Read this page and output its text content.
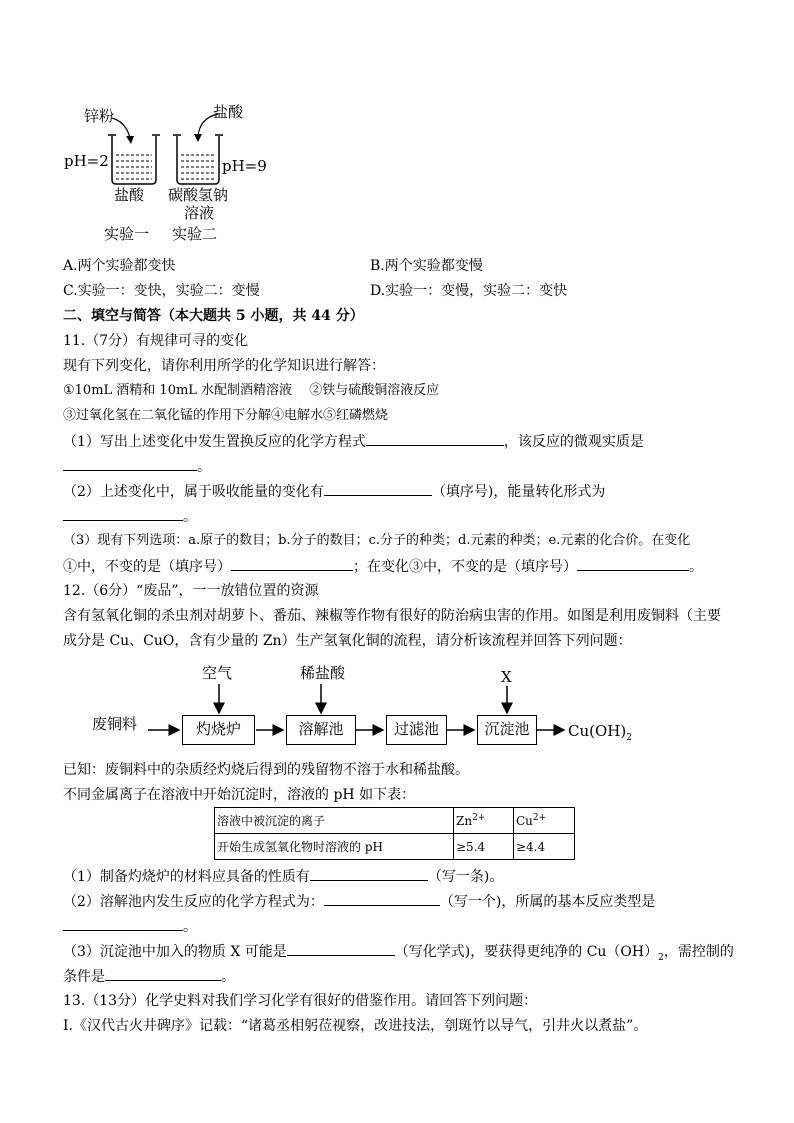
锌粉	盐酸
pH=2	pH=9
盐酸 碳酸氢钠
溶液
实验一 实验二
A.两个实验都变快	B.两个实验都变慢
C.实验一：变快，实验二：变慢	D.实验一：变慢，实验二：变快
二、填空与简答（本大题共 5 小题，共 44 分）
11.（7分）有规律可寻的变化
现有下列变化，请你利用所学的化学知识进行解答：
①10mL 酒精和 10mL 水配制酒精溶液　 ②铁与硫酸铜溶液反应
③过氧化氢在二氧化锰的作用下分解④电解水⑤红磷燃烧
（1）写出上述变化中发生置换反应的化学方程式	，该反应的微观实质是
。
（2）上述变化中，属于吸收能量的变化有	（填序号)，能量转化形式为
。
（3）现有下列选项：a.原子的数目；b.分子的数目；c.分子的种类；d.元素的种类；e.元素的化合价。在变化
①中，不变的是（填序号）	；在变化③中，不变的是（填序号）	。
12.（6分）“废品”，一一放错位置的资源
含有氢氧化铜的杀虫剂对胡萝卜、番茄、辣椒等作物有很好的防治病虫害的作用。如图是利用废铜料（主要
成分是 Cu、CuO，含有少量的 Zn）生产氢氧化铜的流程，请分析该流程并回答下列问题：
空气	稀盐酸	X
废铜料	灼烧炉	溶解池	过滤池	沉淀池	$Cu(OH)_2$
已知：废铜料中的杂质经灼烧后得到的残留物不溶于水和稀盐酸。
不同金属离子在溶液中开始沉淀时，溶液的 pH 如下表：
溶液中被沉淀的离子	$Zn^{2+}$	$Cu^{2+}$
开始生成氢氧化物时溶液的 pH	≥5.4	≥4.4
（1）制备灼烧炉的材料应具备的性质有	（写一条)。
（2）溶解池内发生反应的化学方程式为：	（写一个)，所属的基本反应类型是
。
（3）沉淀池中加入的物质 X 可能是	（写化学式)，要获得更纯净的 $Cu(OH)_2$，需控制的
条件是	。
13.（13分）化学史料对我们学习化学有很好的借鉴作用。请回答下列问题：
I.《汉代古火井碑序》记载：“诸葛丞相躬莅视察，改进技法，刳斑竹以导气，引井火以煮盐”。
